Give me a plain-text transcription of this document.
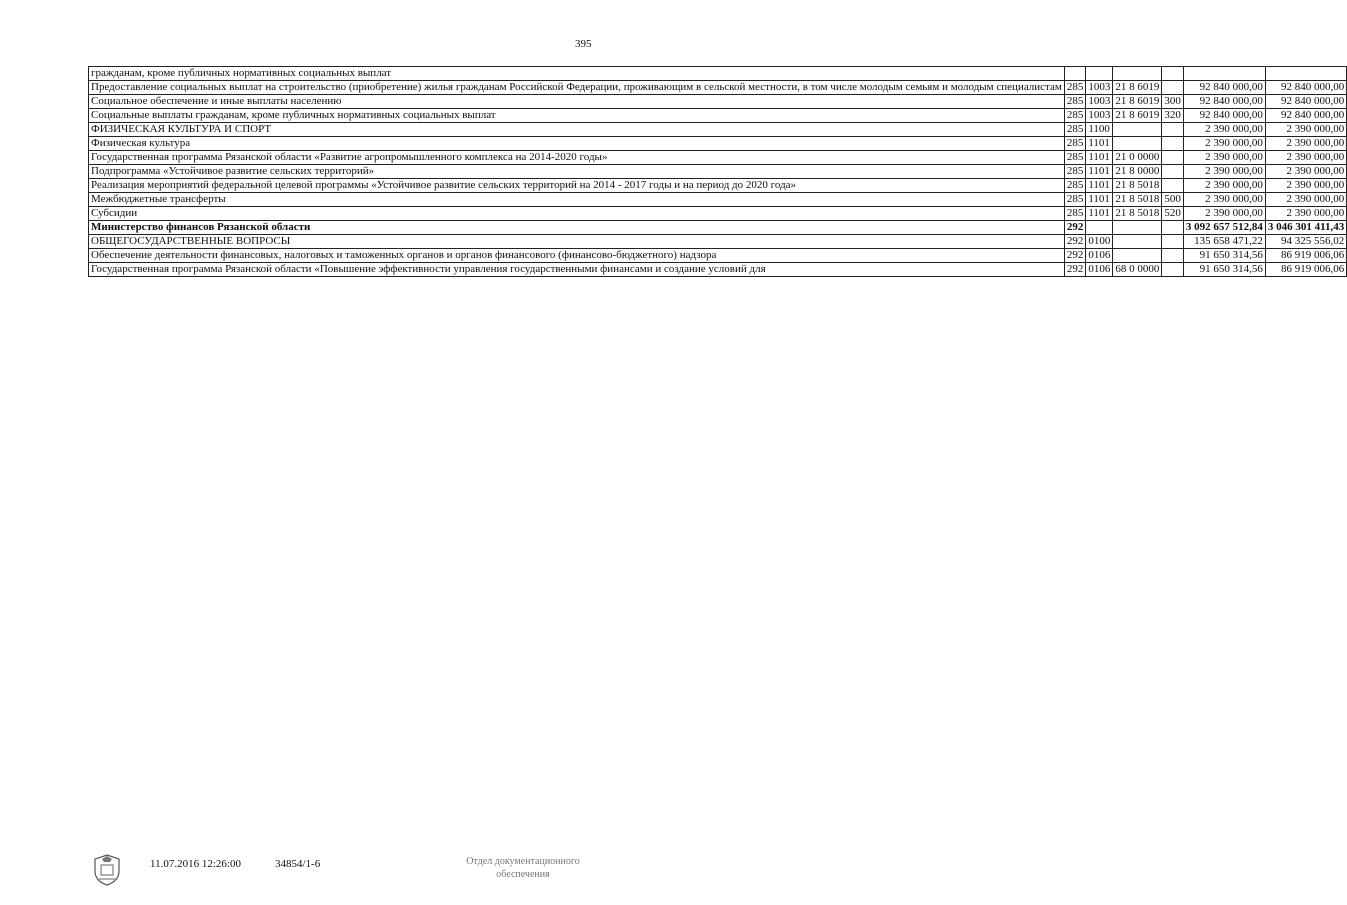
395
гражданам, кроме публичных нормативных социальных выплат						
Предоставление социальных выплат на строительство (приобретение) жилья гражданам Российской Федерации, проживающим в сельской местности, в том числе молодым семьям и молодым специалистам	285	1003	21 8 6019		92 840 000,00	92 840 000,00
Социальное обеспечение и иные выплаты населению	285	1003	21 8 6019	300	92 840 000,00	92 840 000,00
Социальные выплаты гражданам, кроме публичных нормативных социальных выплат	285	1003	21 8 6019	320	92 840 000,00	92 840 000,00
ФИЗИЧЕСКАЯ КУЛЬТУРА И СПОРТ	285	1100			2 390 000,00	2 390 000,00
Физическая культура	285	1101			2 390 000,00	2 390 000,00
Государственная программа Рязанской области «Развитие агропромышленного комплекса на 2014-2020 годы»	285	1101	21 0 0000		2 390 000,00	2 390 000,00
Подпрограмма «Устойчивое развитие сельских территорий»	285	1101	21 8 0000		2 390 000,00	2 390 000,00
Реализация мероприятий федеральной целевой программы «Устойчивое развитие сельских территорий на 2014 - 2017 годы и на период до 2020 года»	285	1101	21 8 5018		2 390 000,00	2 390 000,00
Межбюджетные трансферты	285	1101	21 8 5018	500	2 390 000,00	2 390 000,00
Субсидии	285	1101	21 8 5018	520	2 390 000,00	2 390 000,00
Министерство финансов Рязанской области	292				3 092 657 512,84	3 046 301 411,43
ОБЩЕГОСУДАРСТВЕННЫЕ ВОПРОСЫ	292	0100			135 658 471,22	94 325 556,02
Обеспечение деятельности финансовых, налоговых и таможенных органов и органов финансового (финансово-бюджетного) надзора	292	0106			91 650 314,56	86 919 006,06
Государственная программа Рязанской области «Повышение эффективности управления государственными финансами и создание условий для	292	0106	68 0 0000		91 650 314,56	86 919 006,06
11.07.2016 12:26:00	34854/1-6	Отдел документационного
обеспечения
